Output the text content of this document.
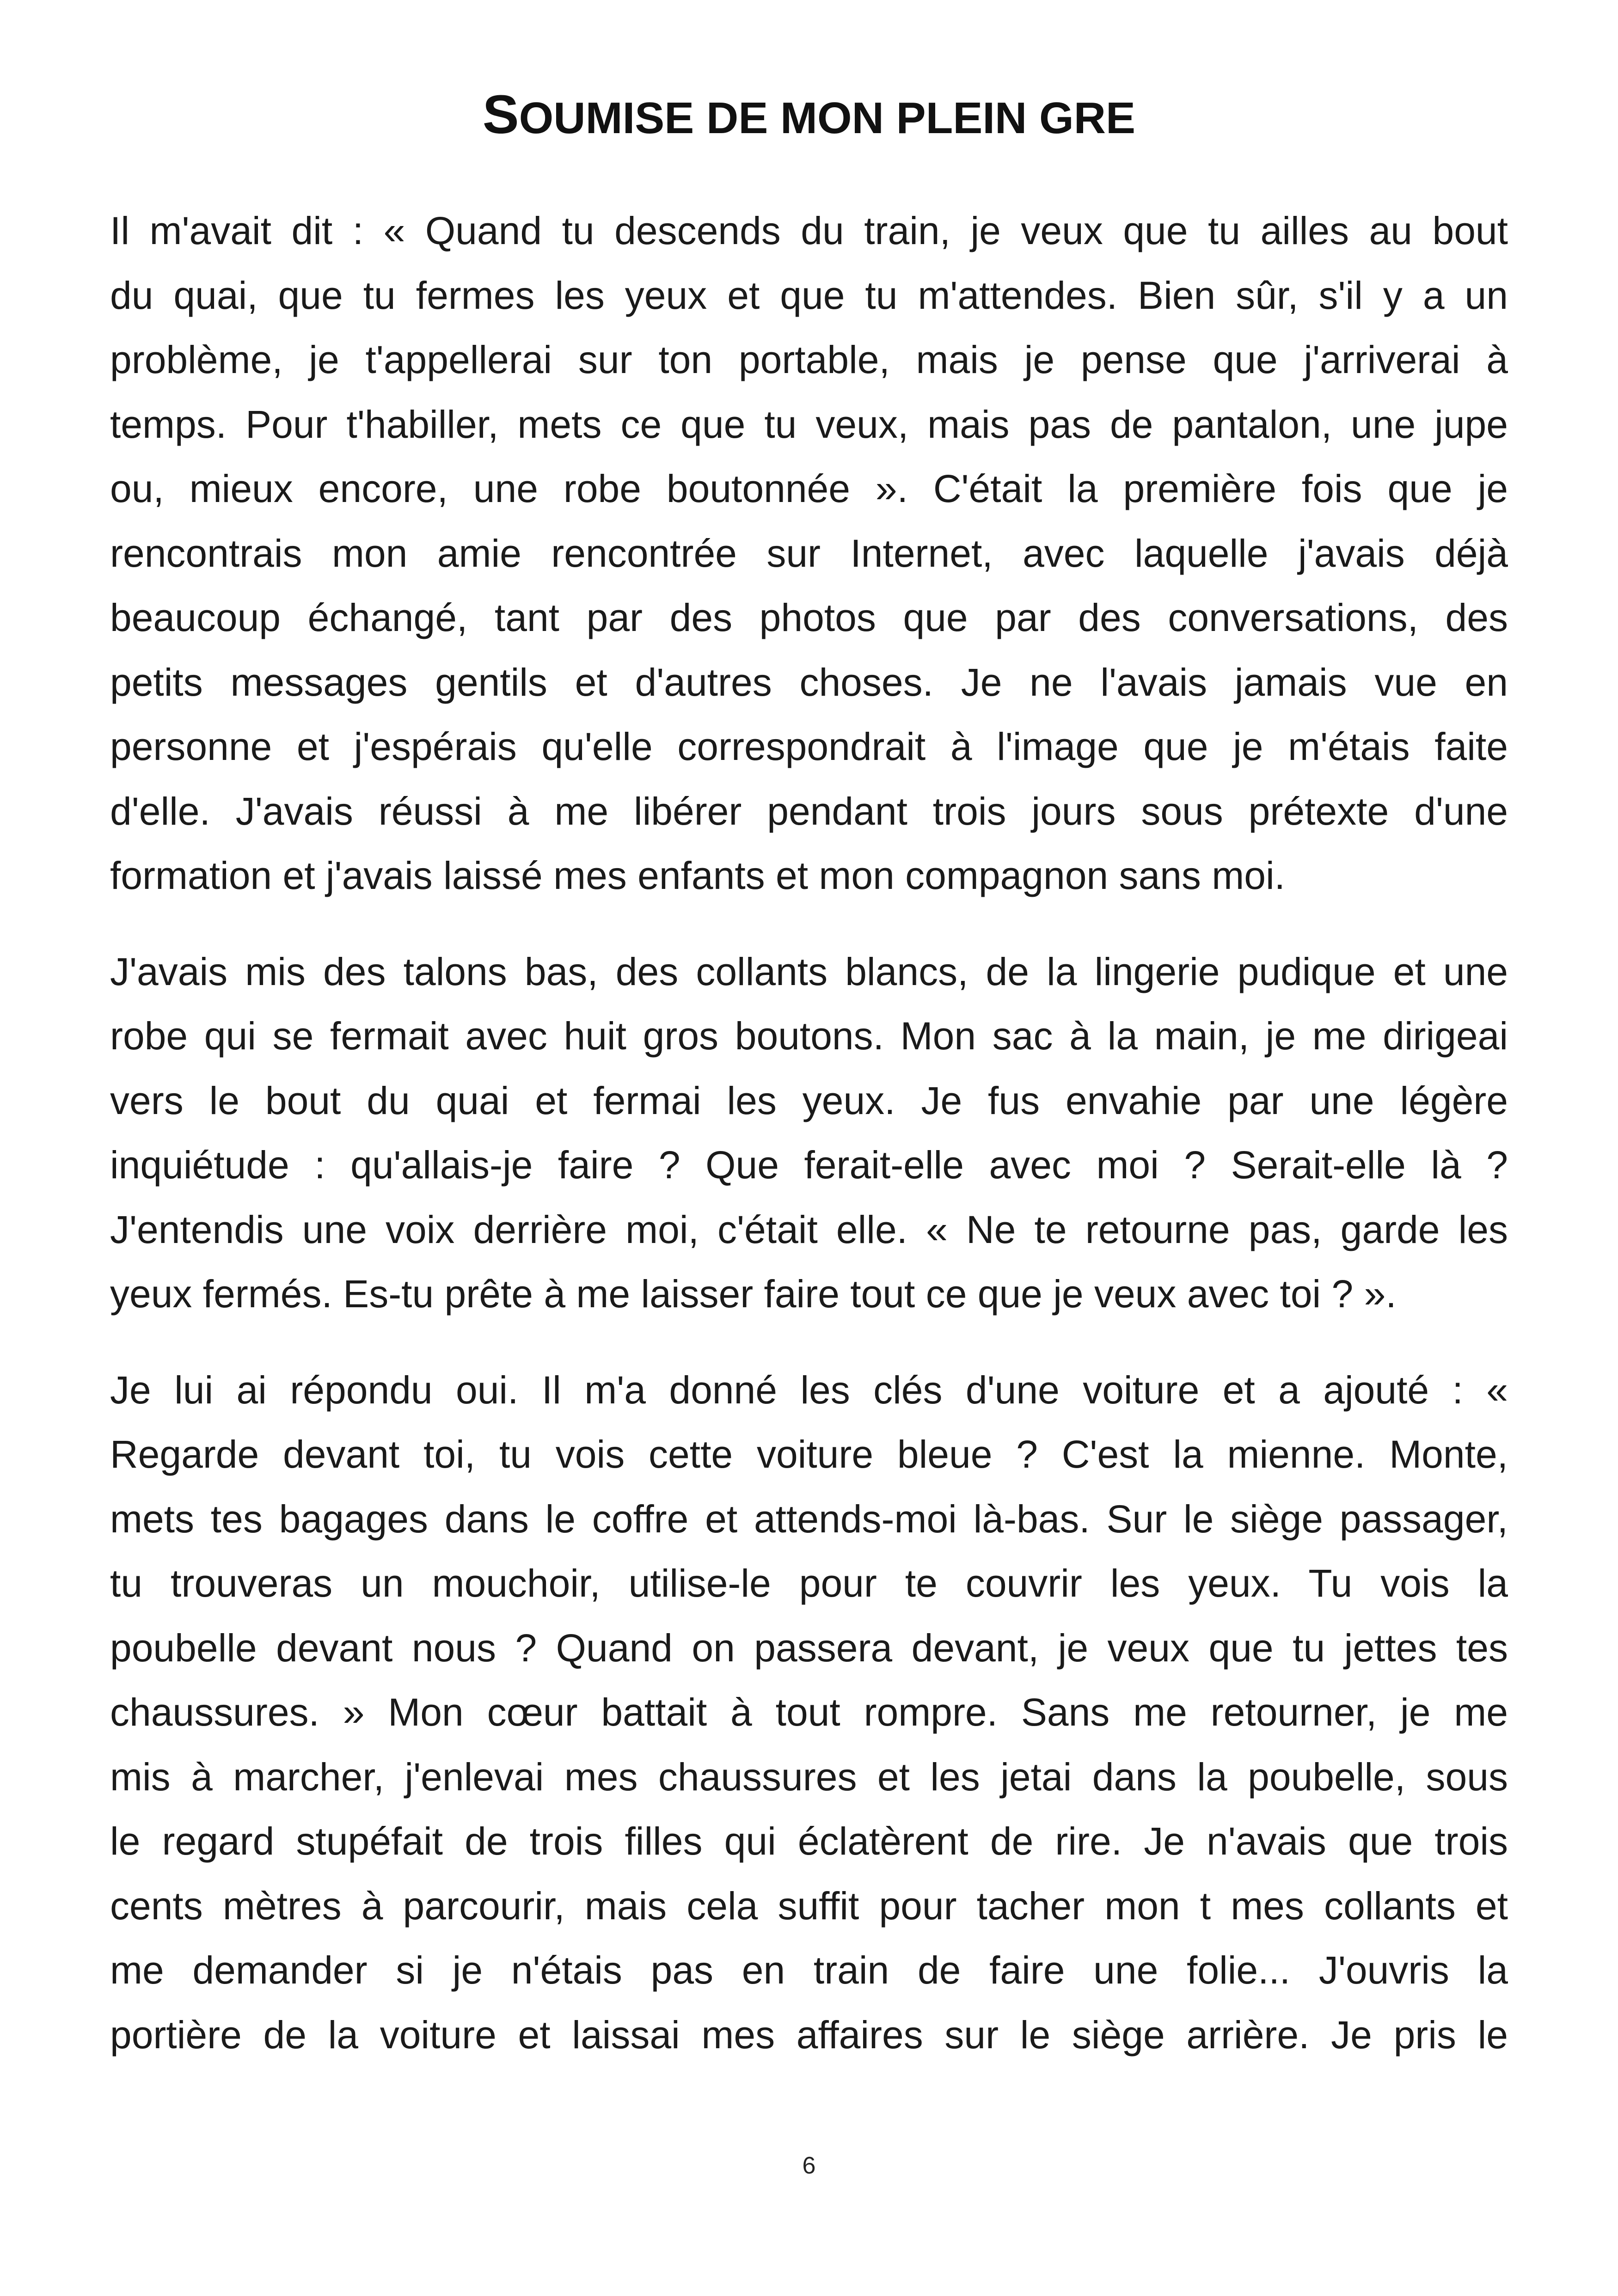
SOUMISE DE MON PLEIN GRE
Il m'avait dit : « Quand tu descends du train, je veux que tu ailles au bout
du quai, que tu fermes les yeux et que tu m'attendes. Bien sûr, s'il y a un
problème, je t'appellerai sur ton portable, mais je pense que j'arriverai à
temps. Pour t'habiller, mets ce que tu veux, mais pas de pantalon, une jupe
ou, mieux encore, une robe boutonnée ». C'était la première fois que je
rencontrais mon amie rencontrée sur Internet, avec laquelle j'avais déjà
beaucoup échangé, tant par des photos que par des conversations, des
petits messages gentils et d'autres choses. Je ne l'avais jamais vue en
personne et j'espérais qu'elle correspondrait à l'image que je m'étais faite
d'elle. J'avais réussi à me libérer pendant trois jours sous prétexte d'une
formation et j'avais laissé mes enfants et mon compagnon sans moi.
J'avais mis des talons bas, des collants blancs, de la lingerie pudique et une
robe qui se fermait avec huit gros boutons. Mon sac à la main, je me dirigeai
vers le bout du quai et fermai les yeux. Je fus envahie par une légère
inquiétude : qu'allais-je faire ? Que ferait-elle avec moi ? Serait-elle là ?
J'entendis une voix derrière moi, c'était elle. « Ne te retourne pas, garde les
yeux fermés. Es-tu prête à me laisser faire tout ce que je veux avec toi ? ».
Je lui ai répondu oui. Il m'a donné les clés d'une voiture et a ajouté : «
Regarde devant toi, tu vois cette voiture bleue ? C'est la mienne. Monte,
mets tes bagages dans le coffre et attends-moi là-bas. Sur le siège passager,
tu trouveras un mouchoir, utilise-le pour te couvrir les yeux. Tu vois la
poubelle devant nous ? Quand on passera devant, je veux que tu jettes tes
chaussures. » Mon cœur battait à tout rompre. Sans me retourner, je me
mis à marcher, j'enlevai mes chaussures et les jetai dans la poubelle, sous
le regard stupéfait de trois filles qui éclatèrent de rire. Je n'avais que trois
cents mètres à parcourir, mais cela suffit pour tacher mon t mes collants et
me demander si je n'étais pas en train de faire une folie... J'ouvris la
portière de la voiture et laissai mes affaires sur le siège arrière. Je pris le
6
